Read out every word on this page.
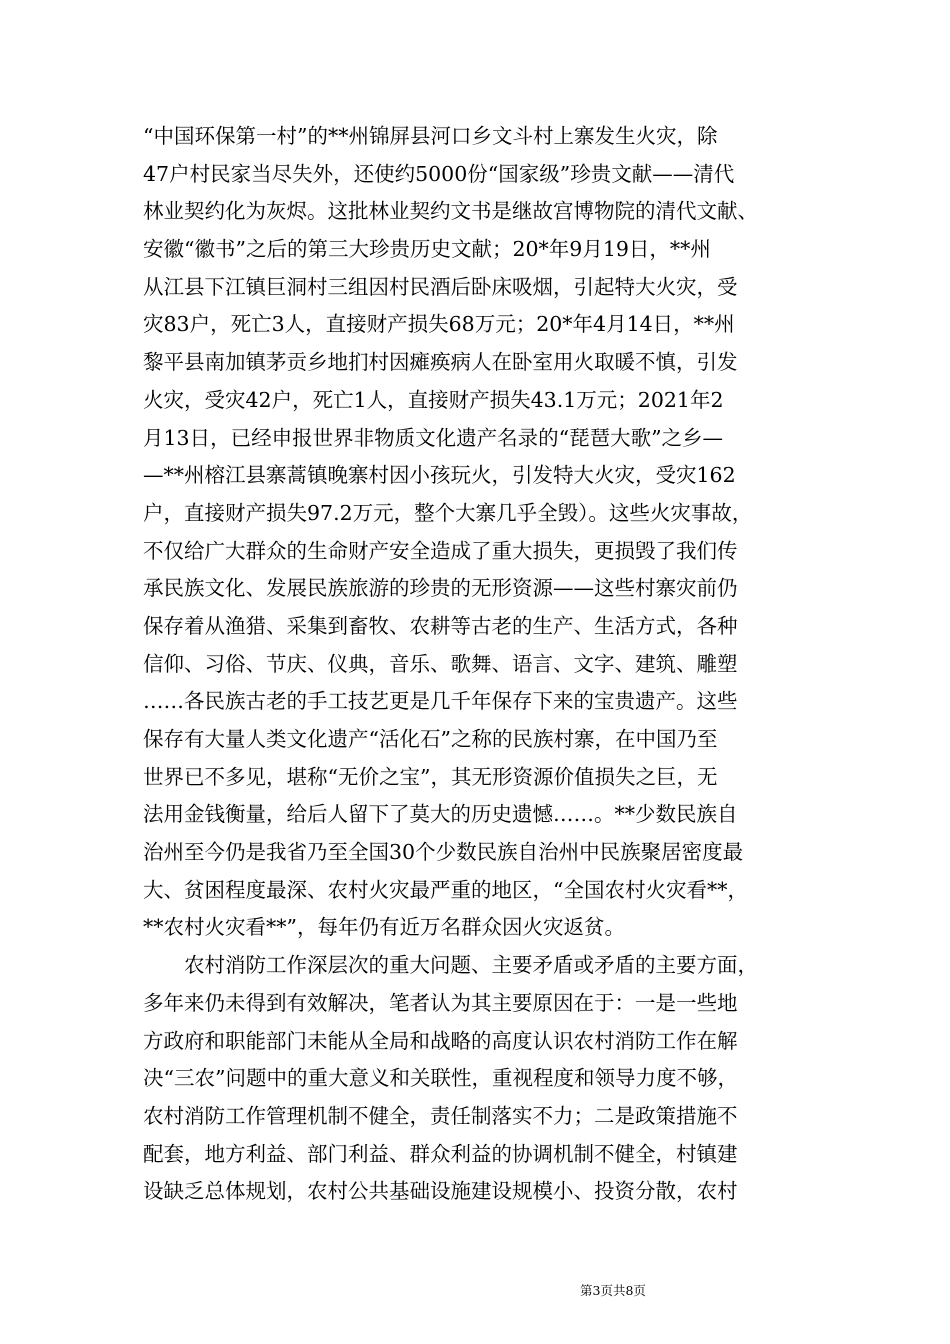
“中国环保第一村”的**州锦屏县河口乡文斗村上寨发生火灾，除
47户村民家当尽失外，还使约5000份“国家级”珍贵文献——清代
林业契约化为灰烬。这批林业契约文书是继故宫博物院的清代文献、
安徽“徽书”之后的第三大珍贵历史文献；20*年9月19日，**州
从江县下江镇巨洞村三组因村民酒后卧床吸烟，引起特大火灾，受
灾83户，死亡3人，直接财产损失68万元；20*年4月14日，**州
黎平县南加镇茅贡乡地扪村因瘫痪病人在卧室用火取暖不慎，引发
火灾，受灾42户，死亡1人，直接财产损失43.1万元；2021年2
月13日，已经申报世界非物质文化遗产名录的“琵琶大歌”之乡—
—**州榕江县寨蒿镇晚寨村因小孩玩火，引发特大火灾，受灾162
户，直接财产损失97.2万元，整个大寨几乎全毁）。这些火灾事故，
不仅给广大群众的生命财产安全造成了重大损失，更损毁了我们传
承民族文化、发展民族旅游的珍贵的无形资源——这些村寨灾前仍
保存着从渔猎、采集到畜牧、农耕等古老的生产、生活方式，各种
信仰、习俗、节庆、仪典，音乐、歌舞、语言、文字、建筑、雕塑
……各民族古老的手工技艺更是几千年保存下来的宝贵遗产。这些
保存有大量人类文化遗产“活化石”之称的民族村寨，在中国乃至
世界已不多见，堪称“无价之宝”，其无形资源价值损失之巨，无
法用金钱衡量，给后人留下了莫大的历史遗憾……。**少数民族自
治州至今仍是我省乃至全国30个少数民族自治州中民族聚居密度最
大、贫困程度最深、农村火灾最严重的地区，“全国农村火灾看**，
**农村火灾看**”，每年仍有近万名群众因火灾返贫。
农村消防工作深层次的重大问题、主要矛盾或矛盾的主要方面，
多年来仍未得到有效解决，笔者认为其主要原因在于：一是一些地
方政府和职能部门未能从全局和战略的高度认识农村消防工作在解
决“三农”问题中的重大意义和关联性，重视程度和领导力度不够，
农村消防工作管理机制不健全，责任制落实不力；二是政策措施不
配套，地方利益、部门利益、群众利益的协调机制不健全，村镇建
设缺乏总体规划，农村公共基础设施建设规模小、投资分散，农村
第3页共8页
